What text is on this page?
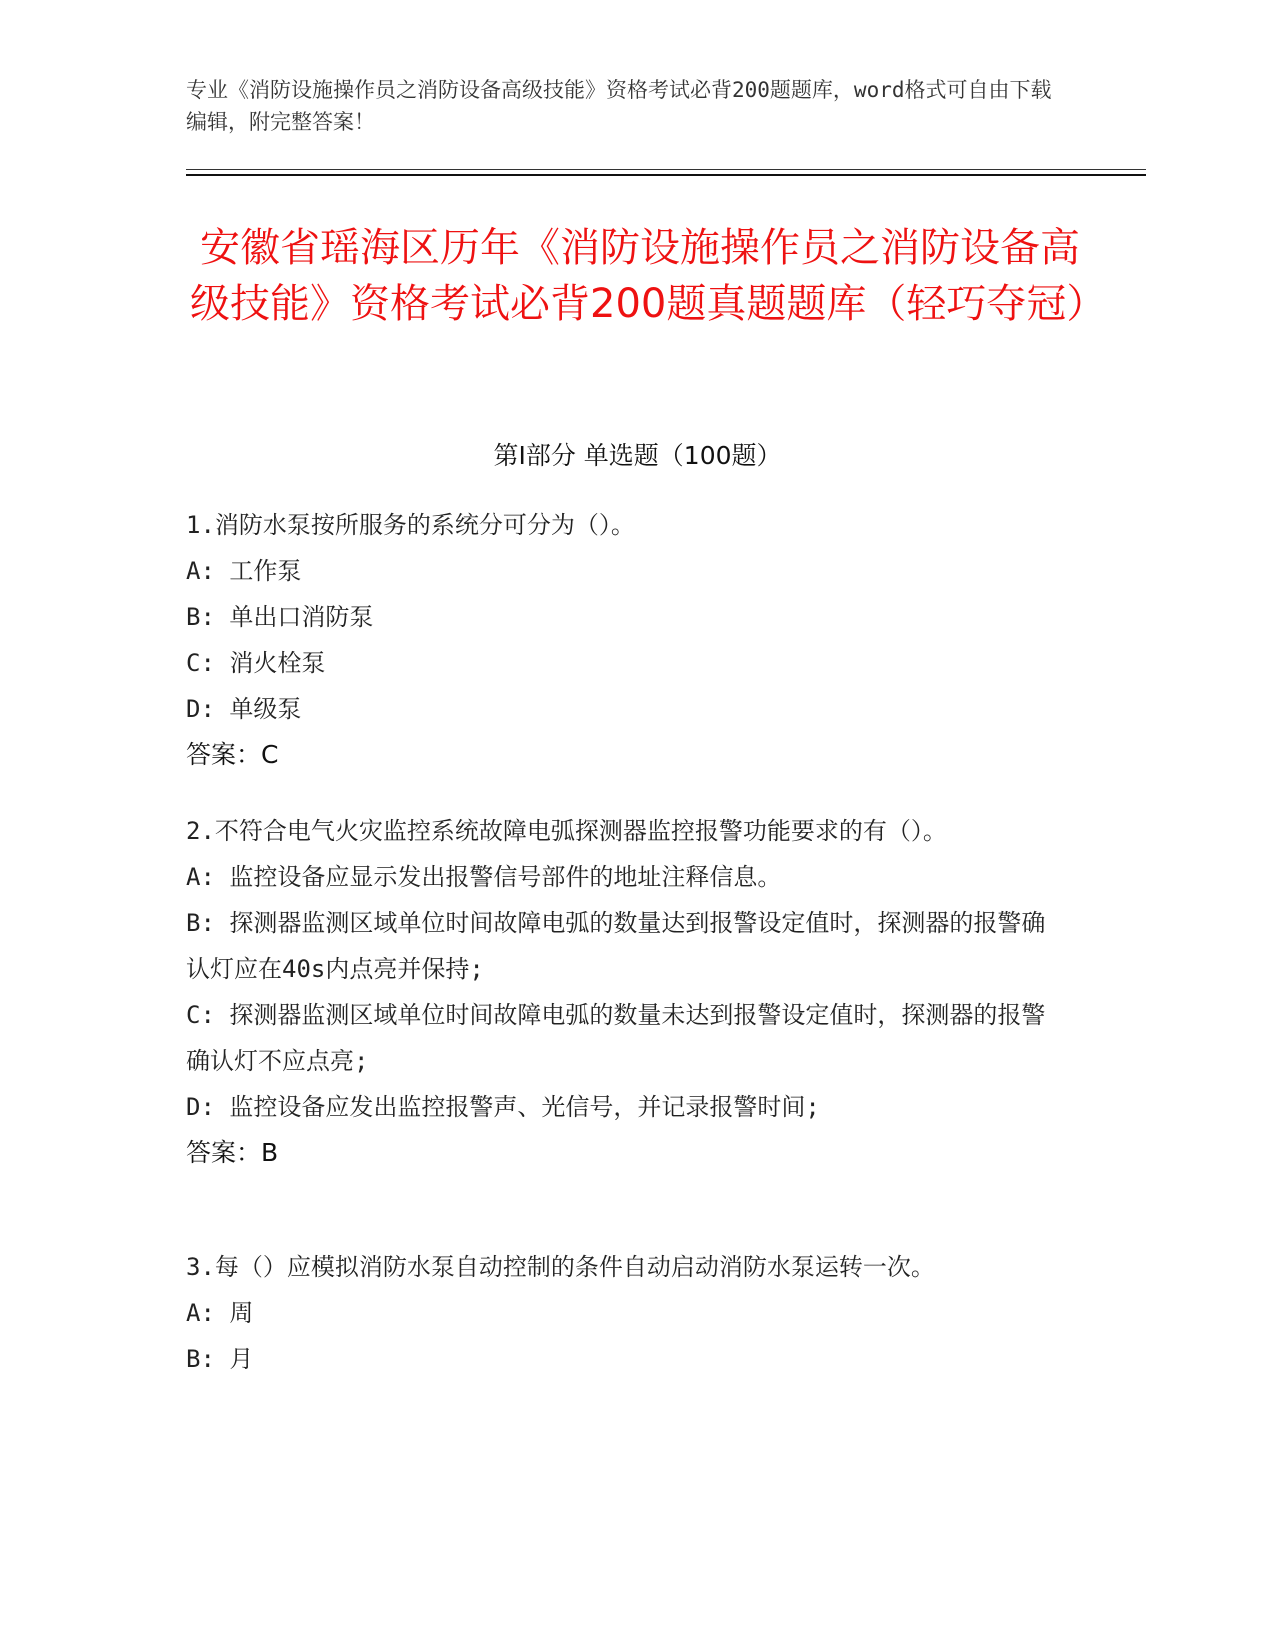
专业《消防设施操作员之消防设备高级技能》资格考试必背200题题库，word格式可自由下载编辑，附完整答案！
安徽省瑶海区历年《消防设施操作员之消防设备高级技能》资格考试必背200题真题题库（轻巧夺冠）
第I部分 单选题（100题）

1.消防水泵按所服务的系统分可分为（）。

A: 工作泵

B: 单出口消防泵

C: 消火栓泵

D: 单级泵

答案：C

2.不符合电气火灾监控系统故障电弧探测器监控报警功能要求的有（）。

A: 监控设备应显示发出报警信号部件的地址注释信息。

B: 探测器监测区域单位时间故障电弧的数量达到报警设定值时，探测器的报警确认灯应在40s内点亮并保持;

C: 探测器监测区域单位时间故障电弧的数量未达到报警设定值时，探测器的报警确认灯不应点亮;

D: 监控设备应发出监控报警声、光信号，并记录报警时间;

答案：B

3.每（）应模拟消防水泵自动控制的条件自动启动消防水泵运转一次。

A: 周

B: 月
